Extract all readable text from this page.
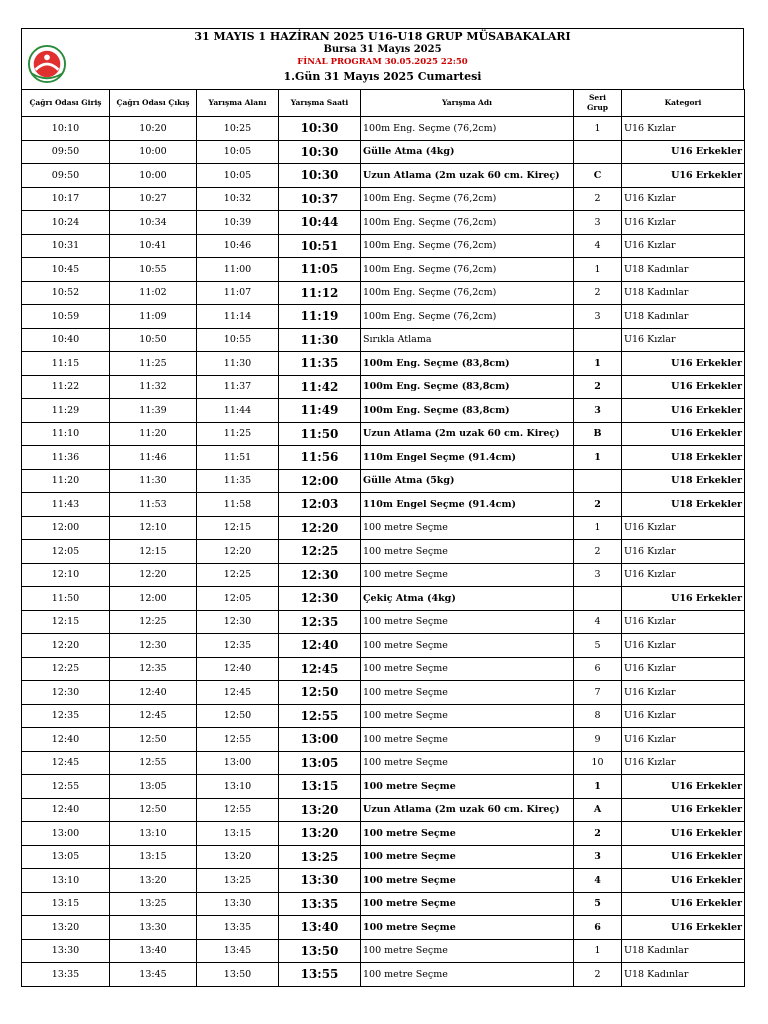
31 MAYIS 1 HAZİRAN 2025 U16-U18 GRUP MÜSABAKALARI
Bursa 31 Mayıs 2025
FİNAL PROGRAM 30.05.2025 22:50
1.Gün 31 Mayıs 2025 Cumartesi
Çağrı Odası Giriş	Çağrı Odası Çıkış	Yarışma Alanı	Yarışma Saati	Yarışma Adı	Seri Grup	Kategori
10:10	10:20	10:25	10:30	100m Eng. Seçme (76,2cm)	1	U16 Kızlar
09:50	10:00	10:05	10:30	Gülle Atma (4kg)		U16 Erkekler
09:50	10:00	10:05	10:30	Uzun Atlama (2m uzak 60 cm. Kireç)	C	U16 Erkekler
10:17	10:27	10:32	10:37	100m Eng. Seçme (76,2cm)	2	U16 Kızlar
10:24	10:34	10:39	10:44	100m Eng. Seçme (76,2cm)	3	U16 Kızlar
10:31	10:41	10:46	10:51	100m Eng. Seçme (76,2cm)	4	U16 Kızlar
10:45	10:55	11:00	11:05	100m Eng. Seçme (76,2cm)	1	U18 Kadınlar
10:52	11:02	11:07	11:12	100m Eng. Seçme (76,2cm)	2	U18 Kadınlar
10:59	11:09	11:14	11:19	100m Eng. Seçme (76,2cm)	3	U18 Kadınlar
10:40	10:50	10:55	11:30	Sırıkla Atlama		U16 Kızlar
11:15	11:25	11:30	11:35	100m Eng. Seçme (83,8cm)	1	U16 Erkekler
11:22	11:32	11:37	11:42	100m Eng. Seçme (83,8cm)	2	U16 Erkekler
11:29	11:39	11:44	11:49	100m Eng. Seçme (83,8cm)	3	U16 Erkekler
11:10	11:20	11:25	11:50	Uzun Atlama (2m uzak 60 cm. Kireç)	B	U16 Erkekler
11:36	11:46	11:51	11:56	110m Engel Seçme (91.4cm)	1	U18 Erkekler
11:20	11:30	11:35	12:00	Gülle Atma (5kg)		U18 Erkekler
11:43	11:53	11:58	12:03	110m Engel Seçme (91.4cm)	2	U18 Erkekler
12:00	12:10	12:15	12:20	100 metre Seçme	1	U16 Kızlar
12:05	12:15	12:20	12:25	100 metre Seçme	2	U16 Kızlar
12:10	12:20	12:25	12:30	100 metre Seçme	3	U16 Kızlar
11:50	12:00	12:05	12:30	Çekiç Atma (4kg)		U16 Erkekler
12:15	12:25	12:30	12:35	100 metre Seçme	4	U16 Kızlar
12:20	12:30	12:35	12:40	100 metre Seçme	5	U16 Kızlar
12:25	12:35	12:40	12:45	100 metre Seçme	6	U16 Kızlar
12:30	12:40	12:45	12:50	100 metre Seçme	7	U16 Kızlar
12:35	12:45	12:50	12:55	100 metre Seçme	8	U16 Kızlar
12:40	12:50	12:55	13:00	100 metre Seçme	9	U16 Kızlar
12:45	12:55	13:00	13:05	100 metre Seçme	10	U16 Kızlar
12:55	13:05	13:10	13:15	100 metre Seçme	1	U16 Erkekler
12:40	12:50	12:55	13:20	Uzun Atlama (2m uzak 60 cm. Kireç)	A	U16 Erkekler
13:00	13:10	13:15	13:20	100 metre Seçme	2	U16 Erkekler
13:05	13:15	13:20	13:25	100 metre Seçme	3	U16 Erkekler
13:10	13:20	13:25	13:30	100 metre Seçme	4	U16 Erkekler
13:15	13:25	13:30	13:35	100 metre Seçme	5	U16 Erkekler
13:20	13:30	13:35	13:40	100 metre Seçme	6	U16 Erkekler
13:30	13:40	13:45	13:50	100 metre Seçme	1	U18 Kadınlar
13:35	13:45	13:50	13:55	100 metre Seçme	2	U18 Kadınlar
